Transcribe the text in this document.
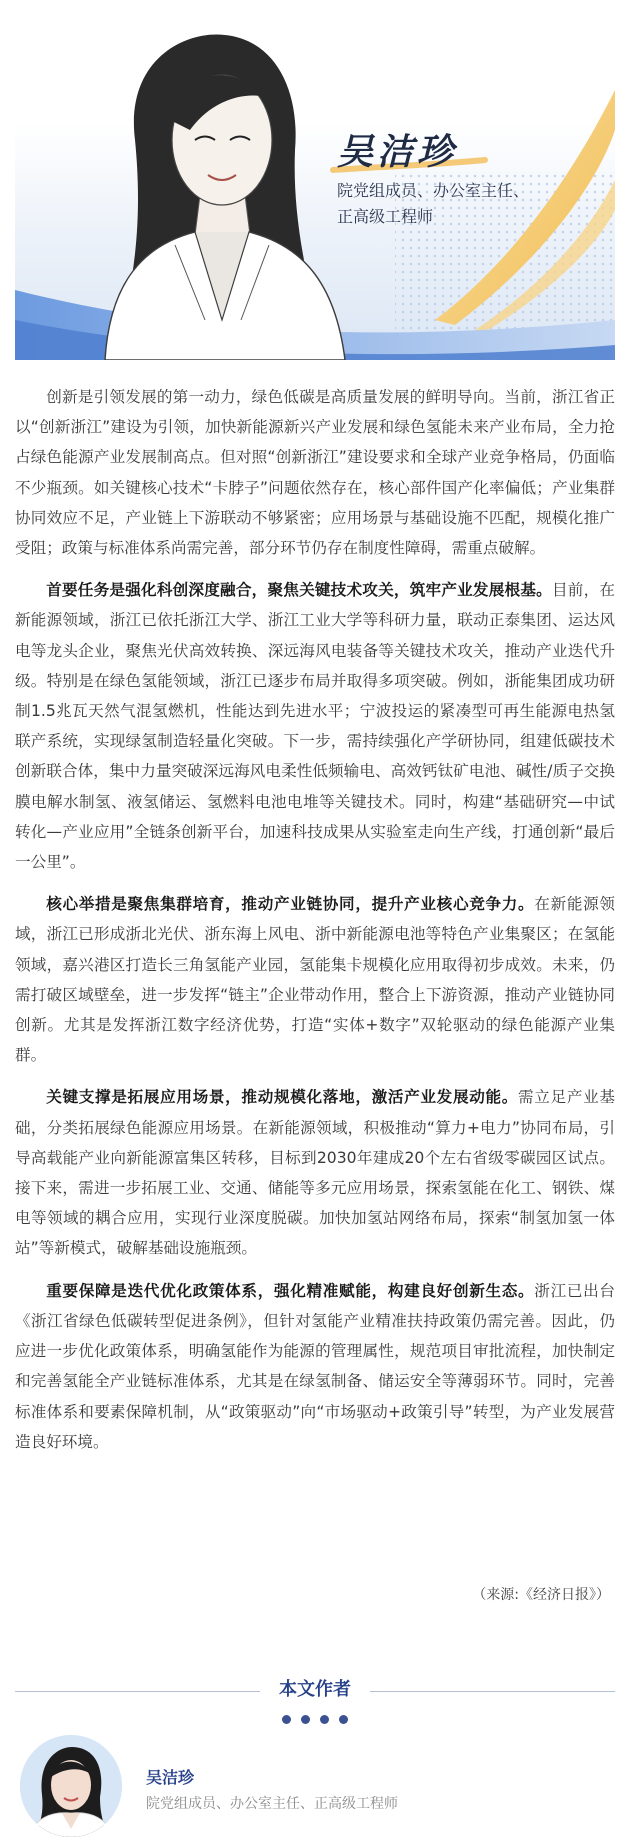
吴洁珍
院党组成员、办公室主任、
正高级工程师

创新是引领发展的第一动力，绿色低碳是高质量发展的鲜明导向。当前，浙江省正以“创新浙江”建设为引领，加快新能源新兴产业发展和绿色氢能未来产业布局，全力抢占绿色能源产业发展制高点。但对照“创新浙江”建设要求和全球产业竞争格局，仍面临不少瓶颈。如关键核心技术“卡脖子”问题依然存在，核心部件国产化率偏低；产业集群协同效应不足，产业链上下游联动不够紧密；应用场景与基础设施不匹配，规模化推广受阻；政策与标准体系尚需完善，部分环节仍存在制度性障碍，需重点破解。

首要任务是强化科创深度融合，聚焦关键技术攻关，筑牢产业发展根基。目前，在新能源领域，浙江已依托浙江大学、浙江工业大学等科研力量，联动正泰集团、运达风电等龙头企业，聚焦光伏高效转换、深远海风电装备等关键技术攻关，推动产业迭代升级。特别是在绿色氢能领域，浙江已逐步布局并取得多项突破。例如，浙能集团成功研制1.5兆瓦天然气混氢燃机，性能达到先进水平；宁波投运的紧凑型可再生能源电热氢联产系统，实现绿氢制造轻量化突破。下一步，需持续强化产学研协同，组建低碳技术创新联合体，集中力量突破深远海风电柔性低频输电、高效钙钛矿电池、碱性/质子交换膜电解水制氢、液氢储运、氢燃料电池电堆等关键技术。同时，构建“基础研究—中试转化—产业应用”全链条创新平台，加速科技成果从实验室走向生产线，打通创新“最后一公里”。

核心举措是聚焦集群培育，推动产业链协同，提升产业核心竞争力。在新能源领域，浙江已形成浙北光伏、浙东海上风电、浙中新能源电池等特色产业集聚区；在氢能领域，嘉兴港区打造长三角氢能产业园，氢能集卡规模化应用取得初步成效。未来，仍需打破区域壁垒，进一步发挥“链主”企业带动作用，整合上下游资源，推动产业链协同创新。尤其是发挥浙江数字经济优势，打造“实体+数字”双轮驱动的绿色能源产业集群。

关键支撑是拓展应用场景，推动规模化落地，激活产业发展动能。需立足产业基础，分类拓展绿色能源应用场景。在新能源领域，积极推动“算力+电力”协同布局，引导高载能产业向新能源富集区转移，目标到2030年建成20个左右省级零碳园区试点。接下来，需进一步拓展工业、交通、储能等多元应用场景，探索氢能在化工、钢铁、煤电等领域的耦合应用，实现行业深度脱碳。加快加氢站网络布局，探索“制氢加氢一体站”等新模式，破解基础设施瓶颈。

重要保障是迭代优化政策体系，强化精准赋能，构建良好创新生态。浙江已出台《浙江省绿色低碳转型促进条例》，但针对氢能产业精准扶持政策仍需完善。因此，仍应进一步优化政策体系，明确氢能作为能源的管理属性，规范项目审批流程，加快制定和完善氢能全产业链标准体系，尤其是在绿氢制备、储运安全等薄弱环节。同时，完善标准体系和要素保障机制，从“政策驱动”向“市场驱动+政策引导”转型，为产业发展营造良好环境。

（来源:《经济日报》）
本文作者
吴洁珍
院党组成员、办公室主任、正高级工程师
